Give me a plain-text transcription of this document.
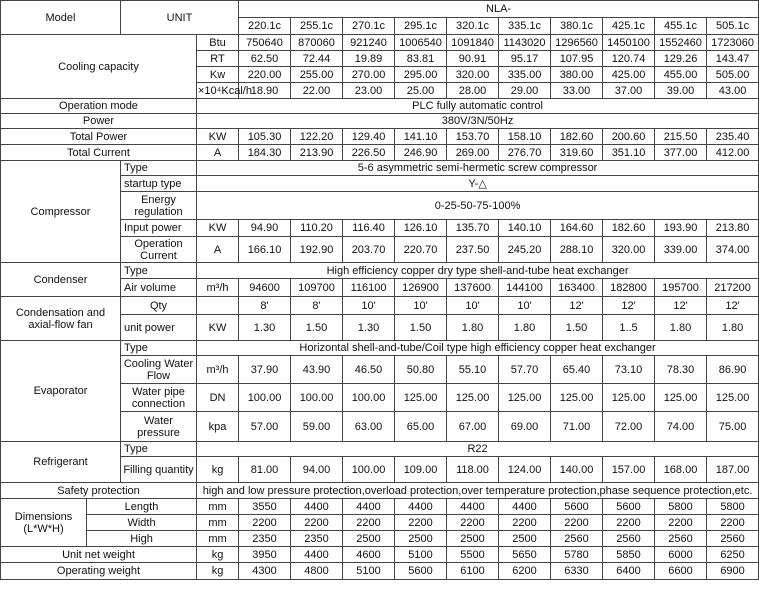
Model		UNIT		NLA-									
				220.1c	255.1c	270.1c	295.1c	320.1c	335.1c	380.1c	425.1c	455.1c	505.1c
Cooling capacity			Btu	750640	870060	921240	1006540	1091840	1143020	1296560	1450100	1552460	1723060
			RT	62.50	72.44	19.89	83.81	90.91	95.17	107.95	120.74	129.26	143.47
			Kw	220.00	255.00	270.00	295.00	320.00	335.00	380.00	425.00	455.00	505.00
			×10⁴Kcal/h	18.90	22.00	23.00	25.00	28.00	29.00	33.00	37.00	39.00	43.00
Operation mode			PLC fully automatic control										
Power			380V/3N/50Hz										
Total Power			KW	105.30	122.20	129.40	141.10	153.70	158.10	182.60	200.60	215.50	235.40
Total Current			A	184.30	213.90	226.50	246.90	269.00	276.70	319.60	351.10	377.00	412.00
Compressor		Type	5-6 asymmetric semi-hermetic screw compressor										
		startup type	Y-△										
		Energy regulation	0-25-50-75-100%										
		Input power	KW	94.90	110.20	116.40	126.10	135.70	140.10	164.60	182.60	193.90	213.80
		Operation Current	A	166.10	192.90	203.70	220.70	237.50	245.20	288.10	320.00	339.00	374.00
Condenser		Type	High efficiency copper dry type shell-and-tube heat exchanger										
		Air volume	m³/h	94600	109700	116100	126900	137600	144100	163400	182800	195700	217200
Condensation and axial-flow fan		Qty		8'	8'	10'	10'	10'	10'	12'	12'	12'	12'
		unit power	KW	1.30	1.50	1.30	1.50	1.80	1.80	1.50	1..5	1.80	1.80
Evaporator		Type	Horizontal shell-and-tube/Coil type high efficiency copper heat exchanger										
		Cooling Water Flow	m³/h	37.90	43.90	46.50	50.80	55.10	57.70	65.40	73.10	78.30	86.90
		Water pipe connection	DN	100.00	100.00	100.00	125.00	125.00	125.00	125.00	125.00	125.00	125.00
		Water pressure	kpa	57.00	59.00	63.00	65.00	67.00	69.00	71.00	72.00	74.00	75.00
Refrigerant		Type	R22										
		Filling quantity	kg	81.00	94.00	100.00	109.00	118.00	124.00	140.00	157.00	168.00	187.00
Safety protection			high and low pressure protection,overload protection,over temperature protection,phase sequence protection,etc.										
Dimensions (L*W*H)	Length		mm	3550	4400	4400	4400	4400	4400	5600	5600	5800	5800
	Width		mm	2200	2200	2200	2200	2200	2200	2200	2200	2200	2200
	High		mm	2350	2350	2500	2500	2500	2500	2560	2560	2560	2560
Unit net weight			kg	3950	4400	4600	5100	5500	5650	5780	5850	6000	6250
Operating weight			kg	4300	4800	5100	5600	6100	6200	6330	6400	6600	6900
